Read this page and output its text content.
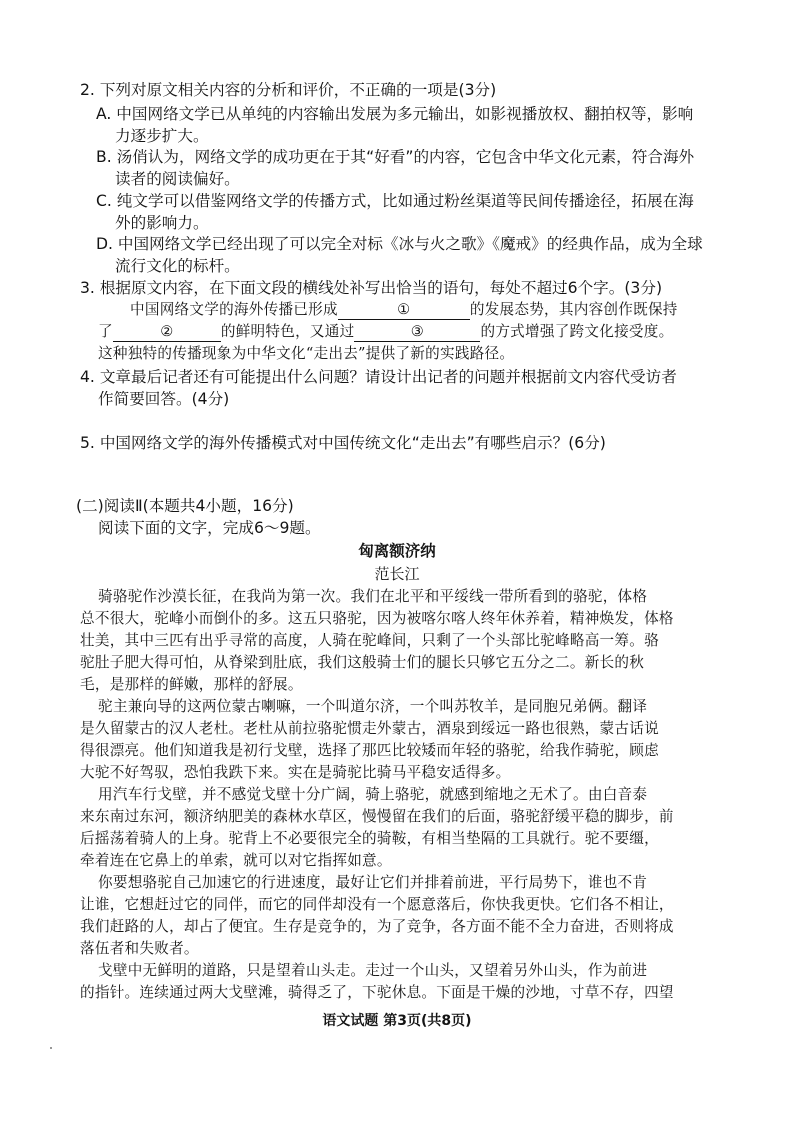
2. 下列对原文相关内容的分析和评价，不正确的一项是(3分)
A. 中国网络文学已从单纯的内容输出发展为多元输出，如影视播放权、翻拍权等，影响
力逐步扩大。
B. 汤俏认为，网络文学的成功更在于其“好看”的内容，它包含中华文化元素，符合海外
读者的阅读偏好。
C. 纯文学可以借鉴网络文学的传播方式，比如通过粉丝渠道等民间传播途径，拓展在海
外的影响力。
D. 中国网络文学已经出现了可以完全对标《冰与火之歌》《魔戒》的经典作品，成为全球
流行文化的标杆。
3. 根据原文内容，在下面文段的横线处补写出恰当的语句，每处不超过6个字。(3分)
中国网络文学的海外传播已形成	①	的发展态势，其内容创作既保持
了	②	的鲜明特色，又通过	③	的方式增强了跨文化接受度。
这种独特的传播现象为中华文化“走出去”提供了新的实践路径。
4. 文章最后记者还有可能提出什么问题？请设计出记者的问题并根据前文内容代受访者
作简要回答。(4分)
5. 中国网络文学的海外传播模式对中国传统文化“走出去”有哪些启示？(6分)
(二)阅读Ⅱ(本题共4小题，16分)
阅读下面的文字，完成6～9题。
匈离额济纳
范长江
骑骆驼作沙漠长征，在我尚为第一次。我们在北平和平绥线一带所看到的骆驼，体格
总不很大，驼峰小而倒仆的多。这五只骆驼，因为被喀尔喀人终年休养着，精神焕发，体格
壮美，其中三匹有出乎寻常的高度，人骑在驼峰间，只剩了一个头部比驼峰略高一筹。骆
驼肚子肥大得可怕，从脊梁到肚底，我们这般骑士们的腿长只够它五分之二。新长的秋
毛，是那样的鲜嫩，那样的舒展。
驼主兼向导的这两位蒙古喇嘛，一个叫道尔济，一个叫苏牧羊，是同胞兄弟俩。翻译
是久留蒙古的汉人老杜。老杜从前拉骆驼惯走外蒙古，酒泉到绥远一路也很熟，蒙古话说
得很漂亮。他们知道我是初行戈壁，选择了那匹比较矮而年轻的骆驼，给我作骑驼，顾虑
大驼不好驾驭，恐怕我跌下来。实在是骑驼比骑马平稳安适得多。
用汽车行戈壁，并不感觉戈壁十分广阔，骑上骆驼，就感到缩地之无术了。由白音泰
来东南过东河，额济纳肥美的森林水草区，慢慢留在我们的后面，骆驼舒缓平稳的脚步，前
后摇荡着骑人的上身。驼背上不必要很完全的骑鞍，有相当垫隔的工具就行。驼不要缰，
牵着连在它鼻上的单索，就可以对它指挥如意。
你要想骆驼自己加速它的行进速度，最好让它们并排着前进，平行局势下，谁也不肯
让谁，它想赶过它的同伴，而它的同伴却没有一个愿意落后，你快我更快。它们各不相让，
我们赶路的人，却占了便宜。生存是竞争的，为了竞争，各方面不能不全力奋进，否则将成
落伍者和失败者。
戈壁中无鲜明的道路，只是望着山头走。走过一个山头，又望着另外山头，作为前进
的指针。连续通过两大戈壁滩，骑得乏了，下驼休息。下面是干燥的沙地，寸草不存，四望
语文试题 第3页(共8页)
